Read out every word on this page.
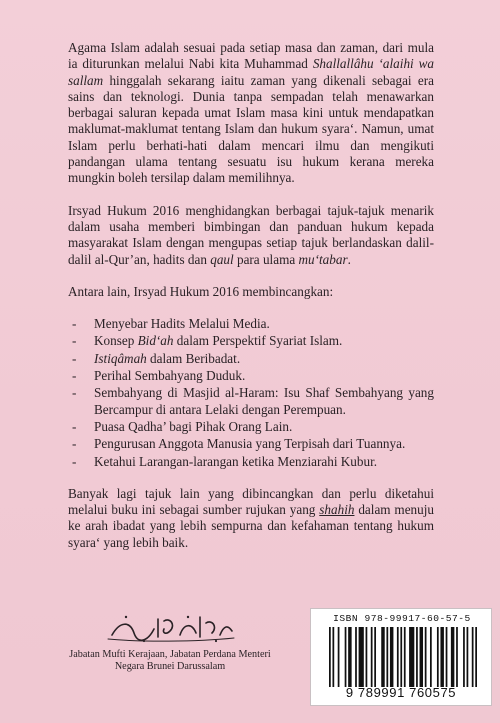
Agama Islam adalah sesuai pada setiap masa dan zaman, dari mula ia diturunkan melalui Nabi kita Muhammad Shallallâhu ‘alaihi wa sallam hinggalah sekarang iaitu zaman yang dikenali sebagai era sains dan teknologi. Dunia tanpa sempadan telah menawarkan berbagai saluran kepada umat Islam masa kini untuk mendapatkan maklumat-maklumat tentang Islam dan hukum syara‘. Namun, umat Islam perlu berhati-hati dalam mencari ilmu dan mengikuti pandangan ulama tentang sesuatu isu hukum kerana mereka mungkin boleh tersilap dalam memilihnya.

Irsyad Hukum 2016 menghidangkan berbagai tajuk-tajuk menarik dalam usaha memberi bimbingan dan panduan hukum kepada masyarakat Islam dengan mengupas setiap tajuk berlandaskan dalil-dalil al-Qur’an, hadits dan qaul para ulama mu‘tabar.

Antara lain, Irsyad Hukum 2016 membincangkan:

- Menyebar Hadits Melalui Media.
- Konsep Bid‘ah dalam Perspektif Syariat Islam.
- Istiqâmah dalam Beribadat.
- Perihal Sembahyang Duduk.
- Sembahyang di Masjid al-Haram: Isu Shaf Sembahyang yang Bercampur di antara Lelaki dengan Perempuan.
- Puasa Qadha’ bagi Pihak Orang Lain.
- Pengurusan Anggota Manusia yang Terpisah dari Tuannya.
- Ketahui Larangan-larangan ketika Menziarahi Kubur.

Banyak lagi tajuk lain yang dibincangkan dan perlu diketahui melalui buku ini sebagai sumber rujukan yang shahih dalam menuju ke arah ibadat yang lebih sempurna dan kefahaman tentang hukum syara‘ yang lebih baik.

Jabatan Mufti Kerajaan, Jabatan Perdana Menteri
Negara Brunei Darussalam
ISBN 978-99917-60-57-5
9 789991 760575
